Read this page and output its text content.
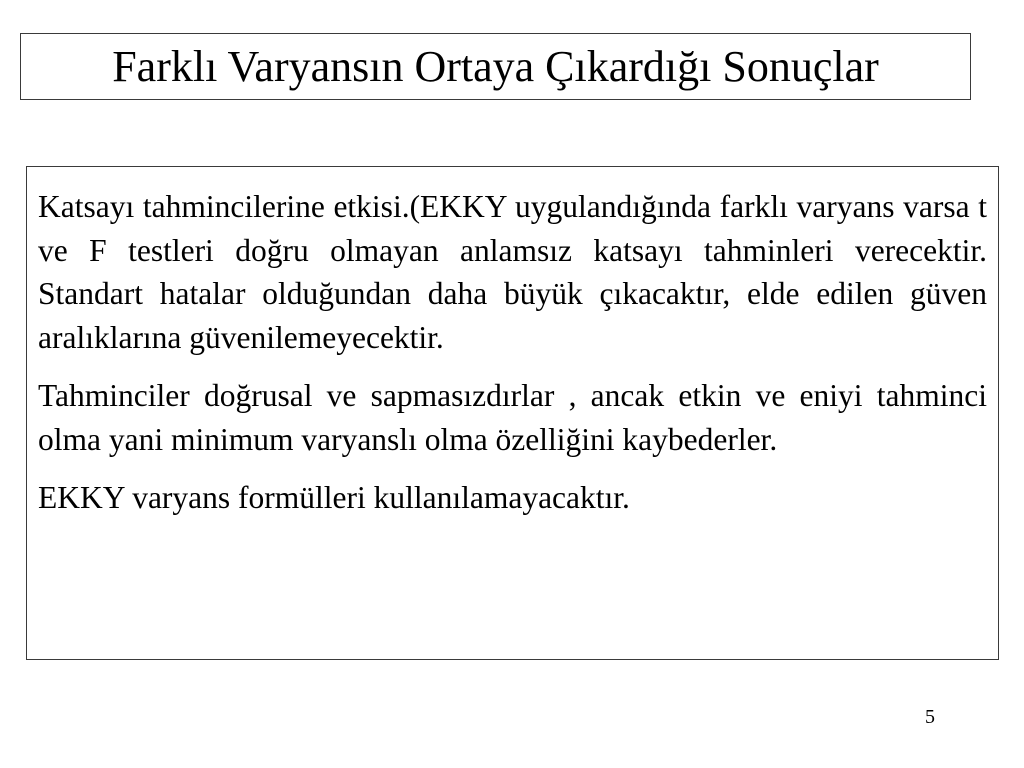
Farklı Varyansın Ortaya Çıkardığı Sonuçlar

Katsayı tahmincilerine etkisi.(EKKY uygulandığında farklı varyans varsa t ve F testleri doğru olmayan anlamsız katsayı tahminleri verecektir. Standart hatalar olduğundan daha büyük çıkacaktır, elde edilen güven aralıklarına güvenilemeyecektir.

Tahminciler doğrusal ve sapmasızdırlar , ancak etkin ve eniyi tahminci olma yani minimum varyanslı olma özelliğini kaybederler.

EKKY varyans formülleri kullanılamayacaktır.

5
